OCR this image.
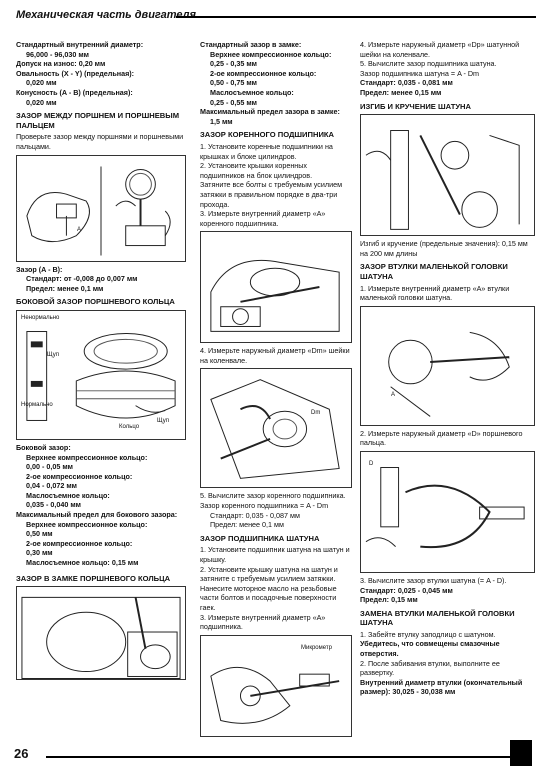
Механическая часть двигателя

Стандартный внутренний диаметр:

96,000 - 96,030 мм

Допуск на износ: 0,20 мм

Овальность (X - Y) (предельная):

0,020 мм

Конусность (A - B) (предельная):

0,020 мм

ЗАЗОР МЕЖДУ ПОРШНЕМ И ПОРШНЕВЫМ ПАЛЬЦЕМ

Проверьте зазор между поршнями и поршневыми пальцами.

A

Зазор (A - B):

Стандарт: от -0,008 до 0,007 мм

Предел: менее 0,1 мм

БОКОВОЙ ЗАЗОР ПОРШНЕВОГО КОЛЬЦА

Ненормально
Щуп
Нормально
Щуп
Кольцо

Боковой зазор:

Верхнее компрессионное кольцо:

0,00 - 0,05 мм

2-ое компрессионное кольцо:

0,04 - 0,072 мм

Маслосъемное кольцо:

0,035 - 0,040 мм

Максимальный предел для бокового зазора:

Верхнее компрессионное кольцо:

0,50 мм

2-ое компрессионное кольцо:

0,30 мм

Маслосъемное кольцо: 0,15 мм

ЗАЗОР В ЗАМКЕ ПОРШНЕВОГО КОЛЬЦА

Стандартный зазор в замке:

Верхнее компрессионное кольцо:

0,25 - 0,35 мм

2-ое компрессионное кольцо:

0,50 - 0,75 мм

Маслосъемное кольцо:

0,25 - 0,55 мм

Максимальный предел зазора в замке:

1,5 мм

ЗАЗОР КОРЕННОГО ПОДШИПНИКА

1. Установите коренные подшипники на крышках и блоке цилиндров.

2. Установите крышки коренных подшипников на блок цилиндров.

Затяните все болты с требуемым усилием затяжки в правильном порядке в два-три прохода.

3. Измерьте внутренний диаметр «A» коренного подшипника.

4. Измерьте наружный диаметр «Dm» шейки на коленвале.

Dm

5. Вычислите зазор коренного подшипника.

Зазор коренного подшипника = A - Dm

Стандарт: 0,035 - 0,087 мм

Предел: менее 0,1 мм

ЗАЗОР ПОДШИПНИКА ШАТУНА

1. Установите подшипник шатуна на шатун и крышку.

2. Установите крышку шатуна на шатун и затяните с требуемым усилием затяжки.

Нанесите моторное масло на резьбовые части болтов и посадочные поверхности гаек.

3. Измерьте внутренний диаметр «A» подшипника.

Микрометр

4. Измерьте наружный диаметр «Dp» шатунной шейки на коленвале.

5. Вычислите зазор подшипника шатуна.

Зазор подшипника шатуна = A - Dm

Стандарт: 0,035 - 0,081 мм

Предел: менее 0,15 мм

ИЗГИБ И КРУЧЕНИЕ ШАТУНА

Изгиб и кручение (предельные значения): 0,15 мм на 200 мм длины

ЗАЗОР ВТУЛКИ МАЛЕНЬКОЙ ГОЛОВКИ ШАТУНА

1. Измерьте внутренний диаметр «A» втулки маленькой головки шатуна.

A

2. Измерьте наружный диаметр «D» поршневого пальца.

D

3. Вычислите зазор втулки шатуна (= A - D).

Стандарт: 0,025 - 0,045 мм

Предел: 0,15 мм

ЗАМЕНА ВТУЛКИ МАЛЕНЬКОЙ ГОЛОВКИ ШАТУНА

1. Забейте втулку заподлицо с шатуном.

Убедитесь, что совмещены смазочные отверстия.

2. После забивания втулки, выполните ее развертку.

Внутренний диаметр втулки (окончательный размер): 30,025 - 30,038 мм

26
